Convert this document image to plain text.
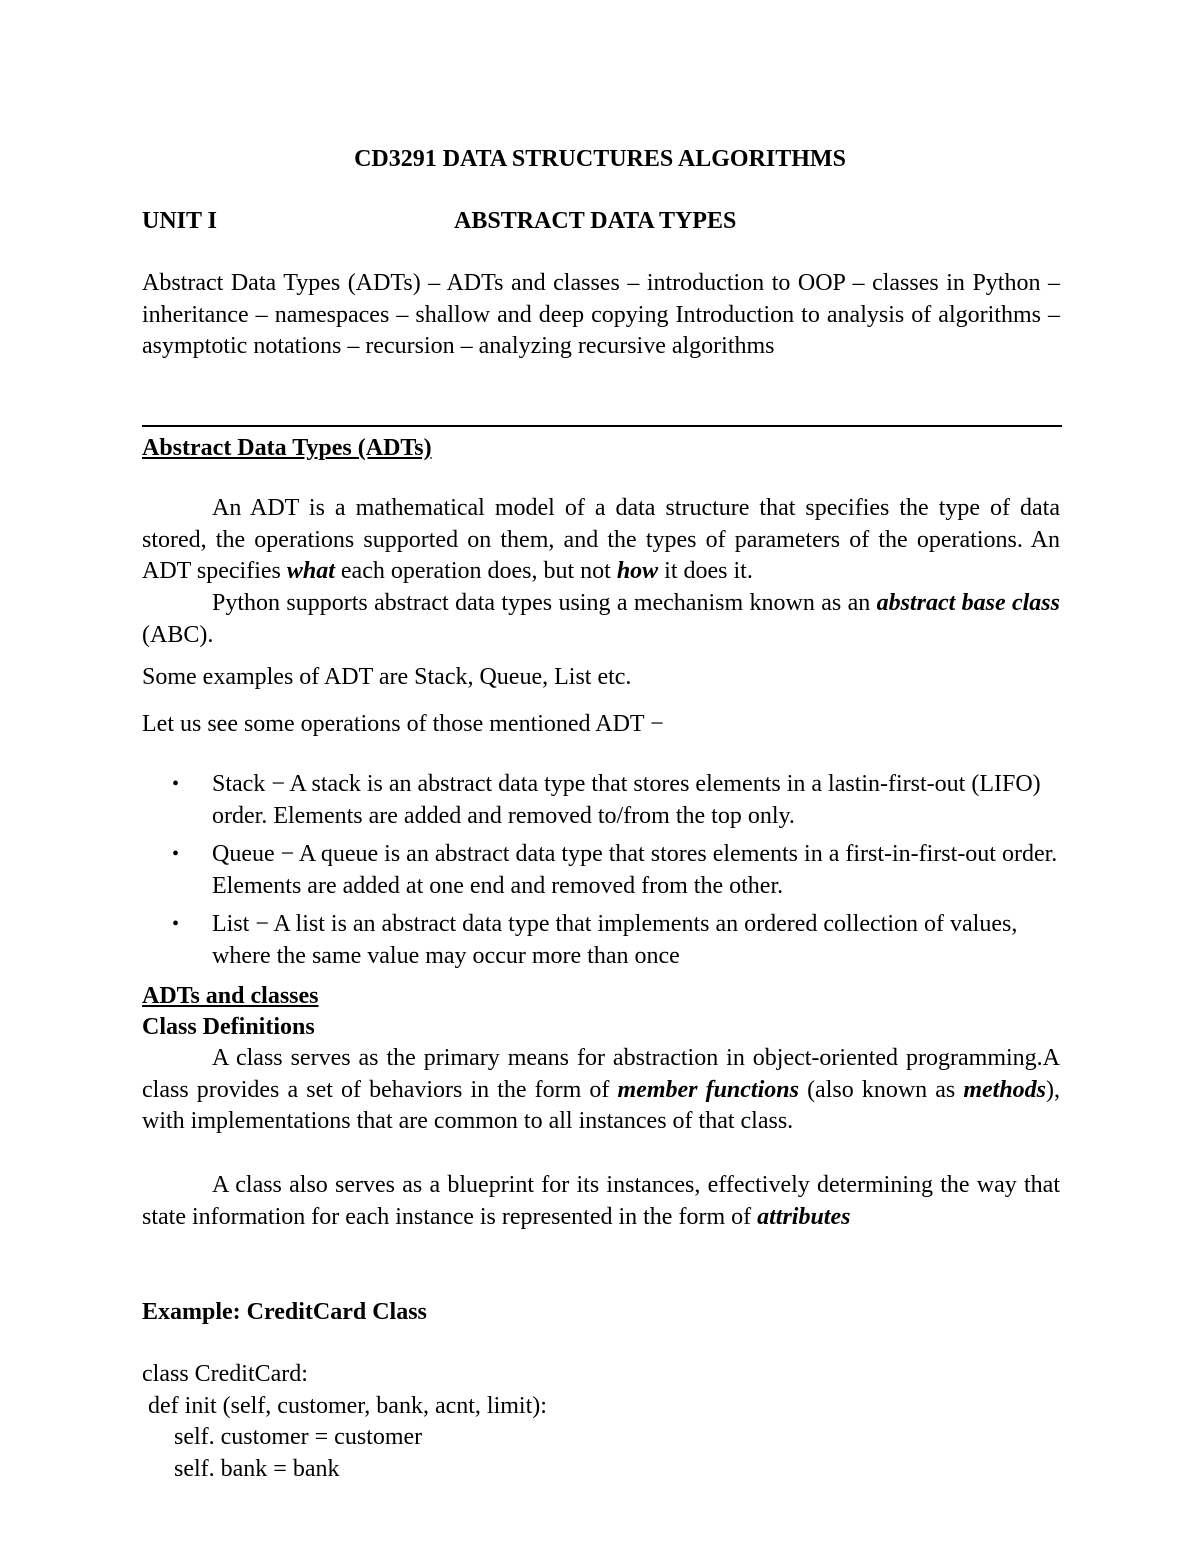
CD3291 DATA STRUCTURES ALGORITHMS
UNIT I	ABSTRACT DATA TYPES
Abstract Data Types (ADTs) – ADTs and classes – introduction to OOP – classes in Python – inheritance – namespaces – shallow and deep copying Introduction to analysis of algorithms – asymptotic notations – recursion – analyzing recursive algorithms
Abstract Data Types (ADTs)
An ADT is a mathematical model of a data structure that specifies the type of data stored, the operations supported on them, and the types of parameters of the operations. An ADT specifies what each operation does, but not how it does it.
Python supports abstract data types using a mechanism known as an abstract base class (ABC).
Some examples of ADT are Stack, Queue, List etc.
Let us see some operations of those mentioned ADT −
• Stack − A stack is an abstract data type that stores elements in a lastin-first-out (LIFO) order. Elements are added and removed to/from the top only.
• Queue − A queue is an abstract data type that stores elements in a first-in-first-out order. Elements are added at one end and removed from the other.
• List − A list is an abstract data type that implements an ordered collection of values, where the same value may occur more than once
ADTs and classes
Class Definitions
A class serves as the primary means for abstraction in object-oriented programming.A class provides a set of behaviors in the form of member functions (also known as methods), with implementations that are common to all instances of that class.
A class also serves as a blueprint for its instances, effectively determining the way that state information for each instance is represented in the form of attributes
Example: CreditCard Class
class CreditCard:
def init (self, customer, bank, acnt, limit):
self. customer = customer
self. bank = bank
